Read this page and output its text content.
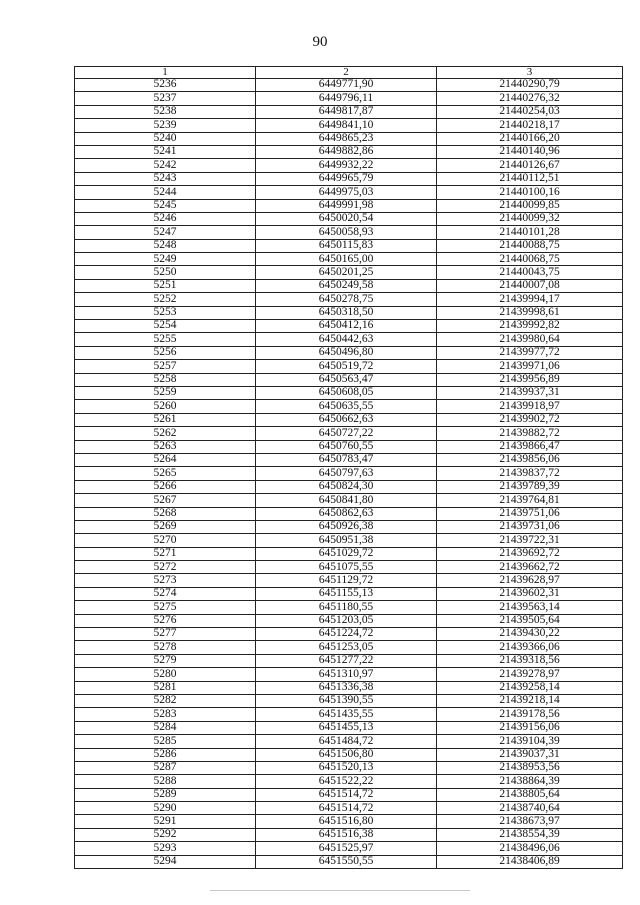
90
1	2	3
5236	6449771,90	21440290,79
5237	6449796,11	21440276,32
5238	6449817,87	21440254,03
5239	6449841,10	21440218,17
5240	6449865,23	21440166,20
5241	6449882,86	21440140,96
5242	6449932,22	21440126,67
5243	6449965,79	21440112,51
5244	6449975,03	21440100,16
5245	6449991,98	21440099,85
5246	6450020,54	21440099,32
5247	6450058,93	21440101,28
5248	6450115,83	21440088,75
5249	6450165,00	21440068,75
5250	6450201,25	21440043,75
5251	6450249,58	21440007,08
5252	6450278,75	21439994,17
5253	6450318,50	21439998,61
5254	6450412,16	21439992,82
5255	6450442,63	21439980,64
5256	6450496,80	21439977,72
5257	6450519,72	21439971,06
5258	6450563,47	21439956,89
5259	6450608,05	21439937,31
5260	6450635,55	21439918,97
5261	6450662,63	21439902,72
5262	6450727,22	21439882,72
5263	6450760,55	21439866,47
5264	6450783,47	21439856,06
5265	6450797,63	21439837,72
5266	6450824,30	21439789,39
5267	6450841,80	21439764,81
5268	6450862,63	21439751,06
5269	6450926,38	21439731,06
5270	6450951,38	21439722,31
5271	6451029,72	21439692,72
5272	6451075,55	21439662,72
5273	6451129,72	21439628,97
5274	6451155,13	21439602,31
5275	6451180,55	21439563,14
5276	6451203,05	21439505,64
5277	6451224,72	21439430,22
5278	6451253,05	21439366,06
5279	6451277,22	21439318,56
5280	6451310,97	21439278,97
5281	6451336,38	21439258,14
5282	6451390,55	21439218,14
5283	6451435,55	21439178,56
5284	6451455,13	21439156,06
5285	6451484,72	21439104,39
5286	6451506,80	21439037,31
5287	6451520,13	21438953,56
5288	6451522,22	21438864,39
5289	6451514,72	21438805,64
5290	6451514,72	21438740,64
5291	6451516,80	21438673,97
5292	6451516,38	21438554,39
5293	6451525,97	21438496,06
5294	6451550,55	21438406,89
